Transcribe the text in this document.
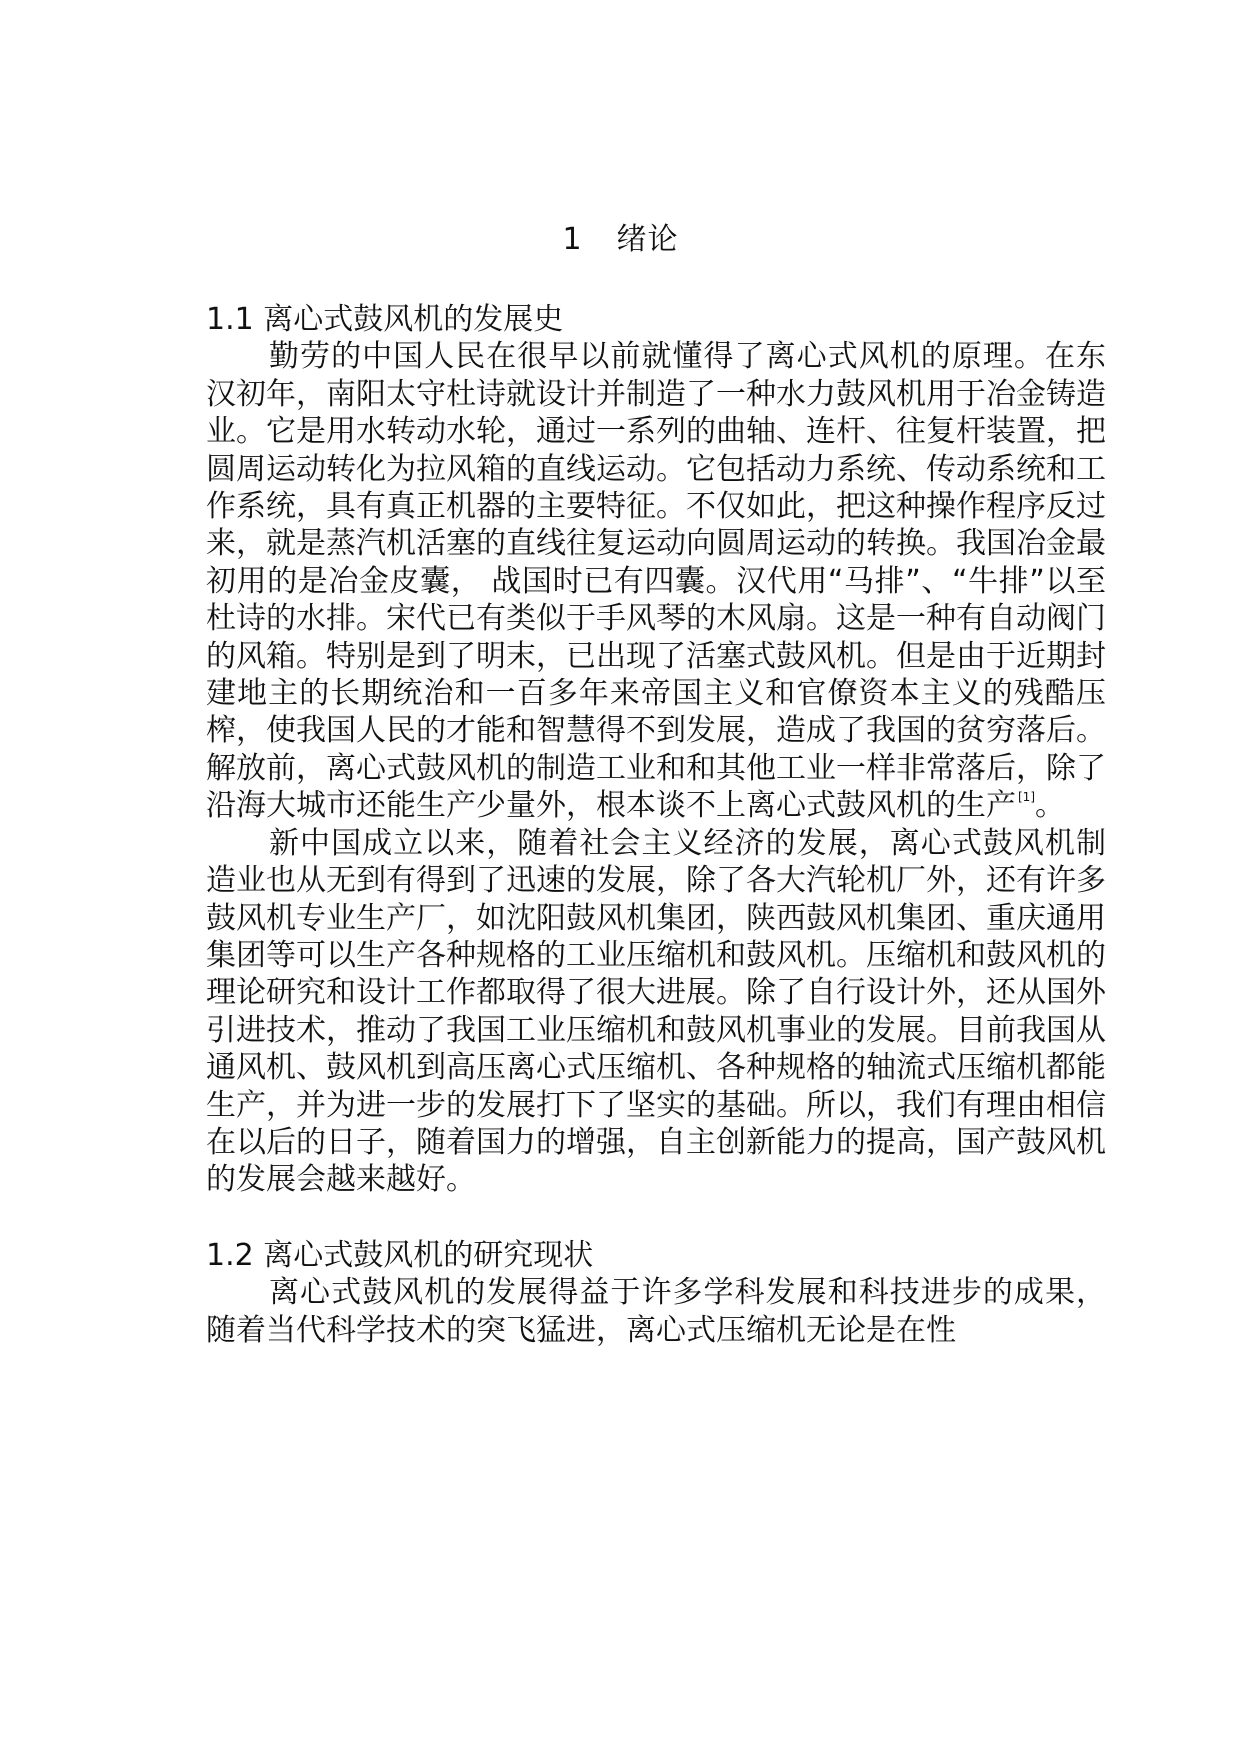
1 绪论

1.1 离心式鼓风机的发展史

勤劳的中国人民在很早以前就懂得了离心式风机的原理。在东汉初年，南阳太守杜诗就设计并制造了一种水力鼓风机用于冶金铸造业。它是用水转动水轮，通过一系列的曲轴、连杆、往复杆装置，把圆周运动转化为拉风箱的直线运动。它包括动力系统、传动系统和工作系统，具有真正机器的主要特征。不仅如此，把这种操作程序反过来，就是蒸汽机活塞的直线往复运动向圆周运动的转换。我国冶金最初用的是冶金皮囊， 战国时已有四囊。汉代用“马排”、“牛排”以至杜诗的水排。宋代已有类似于手风琴的木风扇。这是一种有自动阀门的风箱。特别是到了明末，已出现了活塞式鼓风机。但是由于近期封建地主的长期统治和一百多年来帝国主义和官僚资本主义的残酷压榨，使我国人民的才能和智慧得不到发展，造成了我国的贫穷落后。解放前，离心式鼓风机的制造工业和和其他工业一样非常落后，除了沿海大城市还能生产少量外，根本谈不上离心式鼓风机的生产 [1]。

新中国成立以来，随着社会主义经济的发展，离心式鼓风机制造业也从无到有得到了迅速的发展，除了各大汽轮机厂外，还有许多鼓风机专业生产厂，如沈阳鼓风机集团，陕西鼓风机集团、重庆通用集团等可以生产各种规格的工业压缩机和鼓风机。压缩机和鼓风机的理论研究和设计工作都取得了很大进展。除了自行设计外，还从国外引进技术，推动了我国工业压缩机和鼓风机事业的发展。目前我国从通风机、鼓风机到高压离心式压缩机、各种规格的轴流式压缩机都能生产，并为进一步的发展打下了坚实的基础。所以，我们有理由相信在以后的日子，随着国力的增强，自主创新能力的提高，国产鼓风机的发展会越来越好。

1.2 离心式鼓风机的研究现状

离心式鼓风机的发展得益于许多学科发展和科技进步的成果，随着当代科学技术的突飞猛进，离心式压缩机无论是在性
